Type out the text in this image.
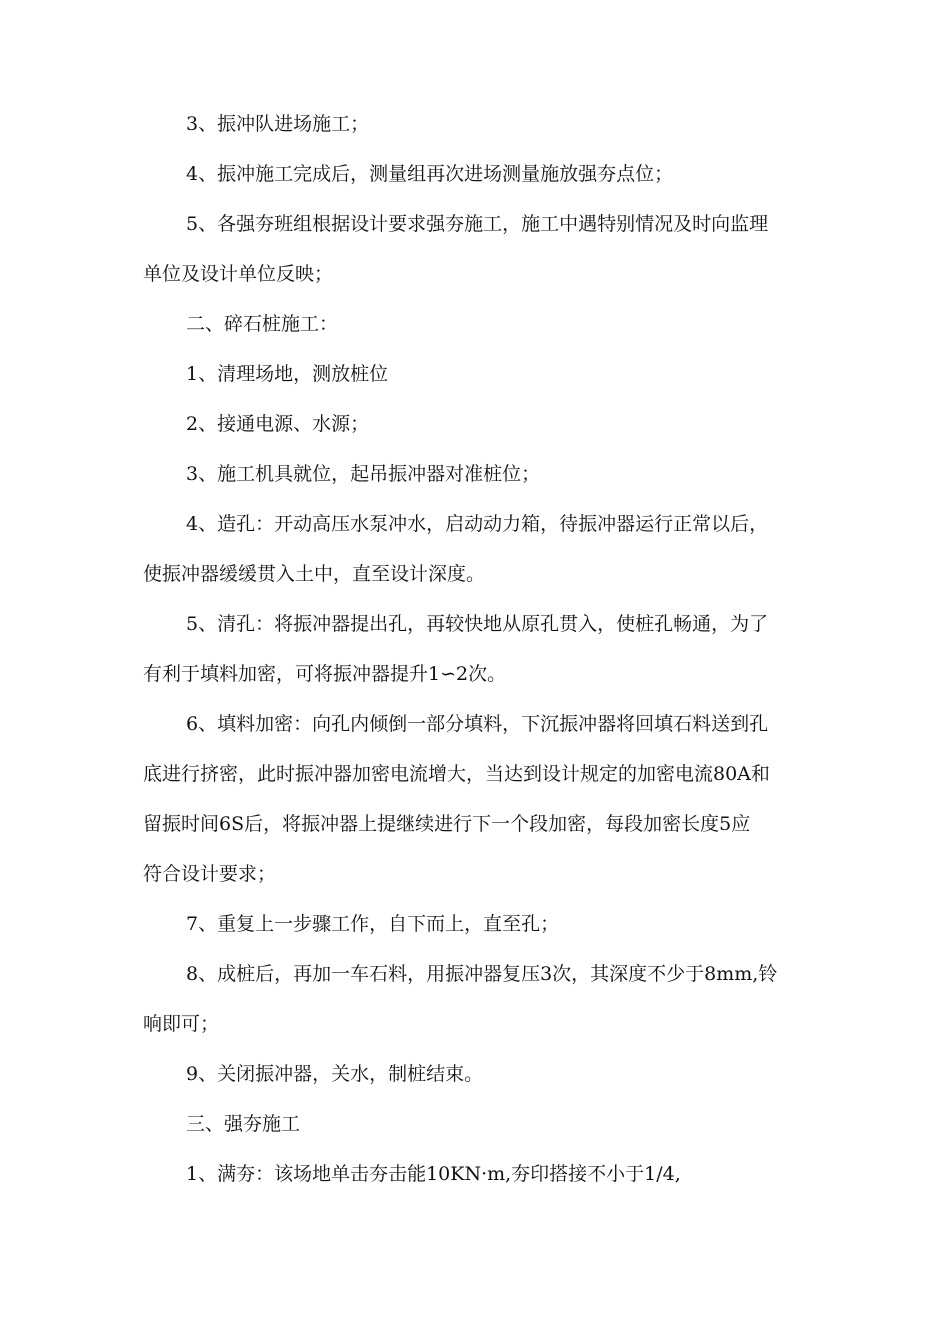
3、振冲队进场施工；

4、振冲施工完成后，测量组再次进场测量施放强夯点位；

5、各强夯班组根据设计要求强夯施工，施工中遇特别情况及时向监理
单位及设计单位反映；

二、碎石桩施工：

1、清理场地，测放桩位

2、接通电源、水源；

3、施工机具就位，起吊振冲器对准桩位；

4、造孔：开动高压水泵冲水，启动动力箱，待振冲器运行正常以后，
使振冲器缓缓贯入土中，直至设计深度。

5、清孔：将振冲器提出孔，再较快地从原孔贯入，使桩孔畅通，为了
有利于填料加密，可将振冲器提升1∽2次。

6、填料加密：向孔内倾倒一部分填料，下沉振冲器将回填石料送到孔
底进行挤密，此时振冲器加密电流增大，当达到设计规定的加密电流80A和
留振时间6S后，将振冲器上提继续进行下一个段加密，每段加密长度5应
符合设计要求；

7、重复上一步骤工作，自下而上，直至孔；

8、成桩后，再加一车石料，用振冲器复压3次，其深度不少于8mm,铃
响即可；

9、关闭振冲器，关水，制桩结束。

三、强夯施工

1、满夯：该场地单击夯击能10KN·m,夯印搭接不小于1/4,
